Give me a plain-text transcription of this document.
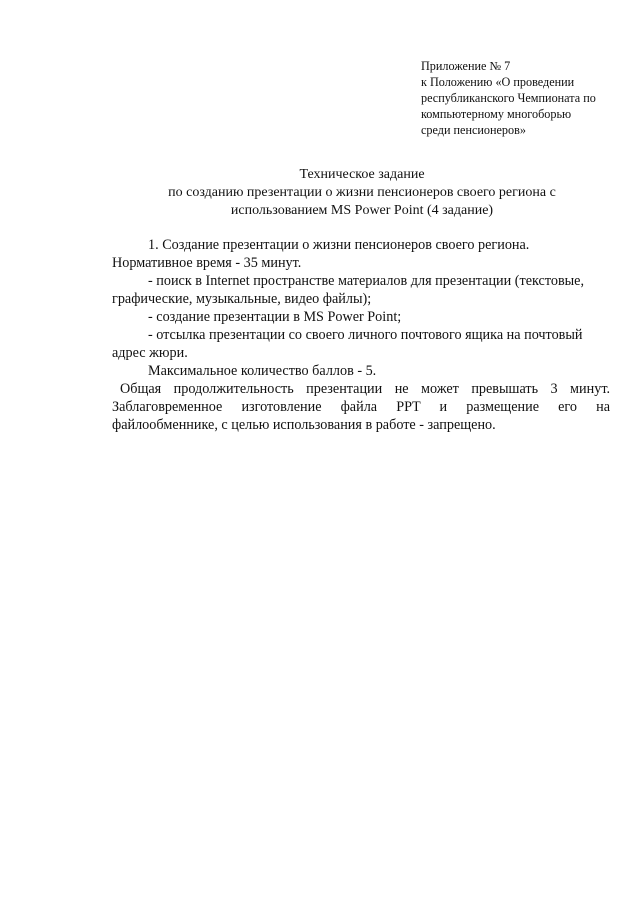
Приложение № 7
к Положению «О проведении
республиканского Чемпионата по
компьютерному многоборью
среди пенсионеров»
Техническое задание
по созданию презентации о жизни пенсионеров своего региона с
использованием MS Power Point (4 задание)
1. Создание презентации о жизни пенсионеров своего региона.
Нормативное время - 35 минут.
- поиск в Internet пространстве материалов для презентации (текстовые,
графические, музыкальные, видео файлы);
- создание презентации в MS Power Point;
- отсылка презентации со своего личного почтового ящика на почтовый
адрес жюри.
Максимальное количество баллов - 5.
Общая продолжительность презентации не может превышать 3 минут.
Заблаговременное изготовление файла PPT и размещение его на
файлообменнике, с целью использования в работе - запрещено.
